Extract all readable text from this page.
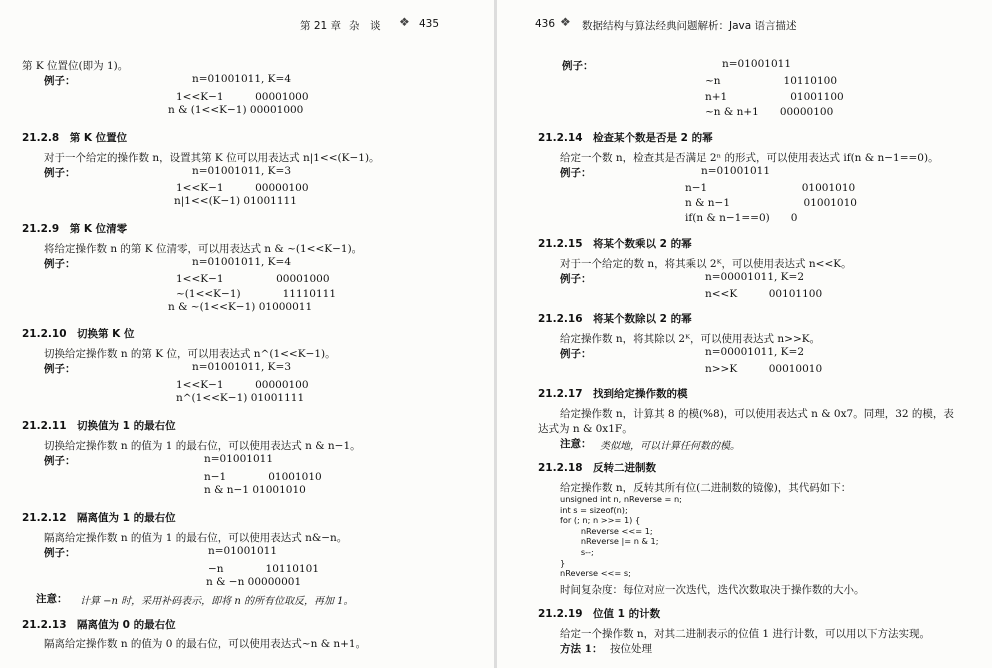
第 21 章 杂　谈 ❖ 435
第 K 位置位(即为 1)。
例子：	n=01001011, K=4
1<<K−1　　　00001000
n & (1<<K−1) 00001000
21.2.8　第 K 位置位
对于一个给定的操作数 n，设置其第 K 位可以用表达式 n|1<<(K−1)。
例子：	n=01001011, K=3
1<<K−1　　　00000100
n|1<<(K−1) 01001111
21.2.9　第 K 位清零
将给定操作数 n 的第 K 位清零，可以用表达式 n & ~(1<<K−1)。
例子：	n=01001011, K=4
1<<K−1　　　　　00001000
~(1<<K−1)　　　　11110111
n & ~(1<<K−1) 01000011
21.2.10　切换第 K 位
切换给定操作数 n 的第 K 位，可以用表达式 n^(1<<K−1)。
例子：	n=01001011, K=3
1<<K−1　　　00000100
n^(1<<K−1) 01001111
21.2.11　切换值为 1 的最右位
切换给定操作数 n 的值为 1 的最右位，可以使用表达式 n & n−1。
例子：	n=01001011
n−1　　　　01001010
n & n−1 01001010
21.2.12　隔离值为 1 的最右位
隔离给定操作数 n 的值为 1 的最右位，可以使用表达式 n&−n。
例子：	n=01001011
−n　　　　10110101
n & −n 00000001
注意： 计算 −n 时，采用补码表示，即将 n 的所有位取反，再加 1。
21.2.13　隔离值为 0 的最右位
隔离给定操作数 n 的值为 0 的最右位，可以使用表达式~n & n+1。
436 ❖ 数据结构与算法经典问题解析：Java 语言描述
例子：	n=01001011
~n　　　　　　10110100
n+1　　　　　　01001100
~n & n+1　　00000100
21.2.14　检查某个数是否是 2 的幂
给定一个数 n，检查其是否满足 2ⁿ 的形式，可以使用表达式 if(n & n−1==0)。
例子：	n=01001011
n−1　　　　　　　　　01001010
n & n−1　　　　　　　01001010
if(n & n−1==0)　　0
21.2.15　将某个数乘以 2 的幂
对于一个给定的数 n，将其乘以 2ᴷ，可以使用表达式 n<<K。
例子：	n=00001011, K=2
n<<K　　　00101100
21.2.16　将某个数除以 2 的幂
给定操作数 n，将其除以 2ᴷ，可以使用表达式 n>>K。
例子：	n=00001011, K=2
n>>K　　　00010010
21.2.17　找到给定操作数的模
给定操作数 n，计算其 8 的模(%8)，可以使用表达式 n & 0x7。同理，32 的模，表
达式为 n & 0x1F。
注意： 类似地，可以计算任何数的模。
21.2.18　反转二进制数
给定操作数 n，反转其所有位(二进制数的镜像)，其代码如下：
unsigned int n, nReverse = n;
int s = sizeof(n);
for (; n; n >>= 1) {
nReverse <<= 1;
nReverse |= n & 1;
s--;
}
nReverse <<= s;
时间复杂度：每位对应一次迭代，迭代次数取决于操作数的大小。
21.2.19　位值 1 的计数
给定一个操作数 n，对其二进制表示的位值 1 进行计数，可以用以下方法实现。
方法 1： 按位处理
